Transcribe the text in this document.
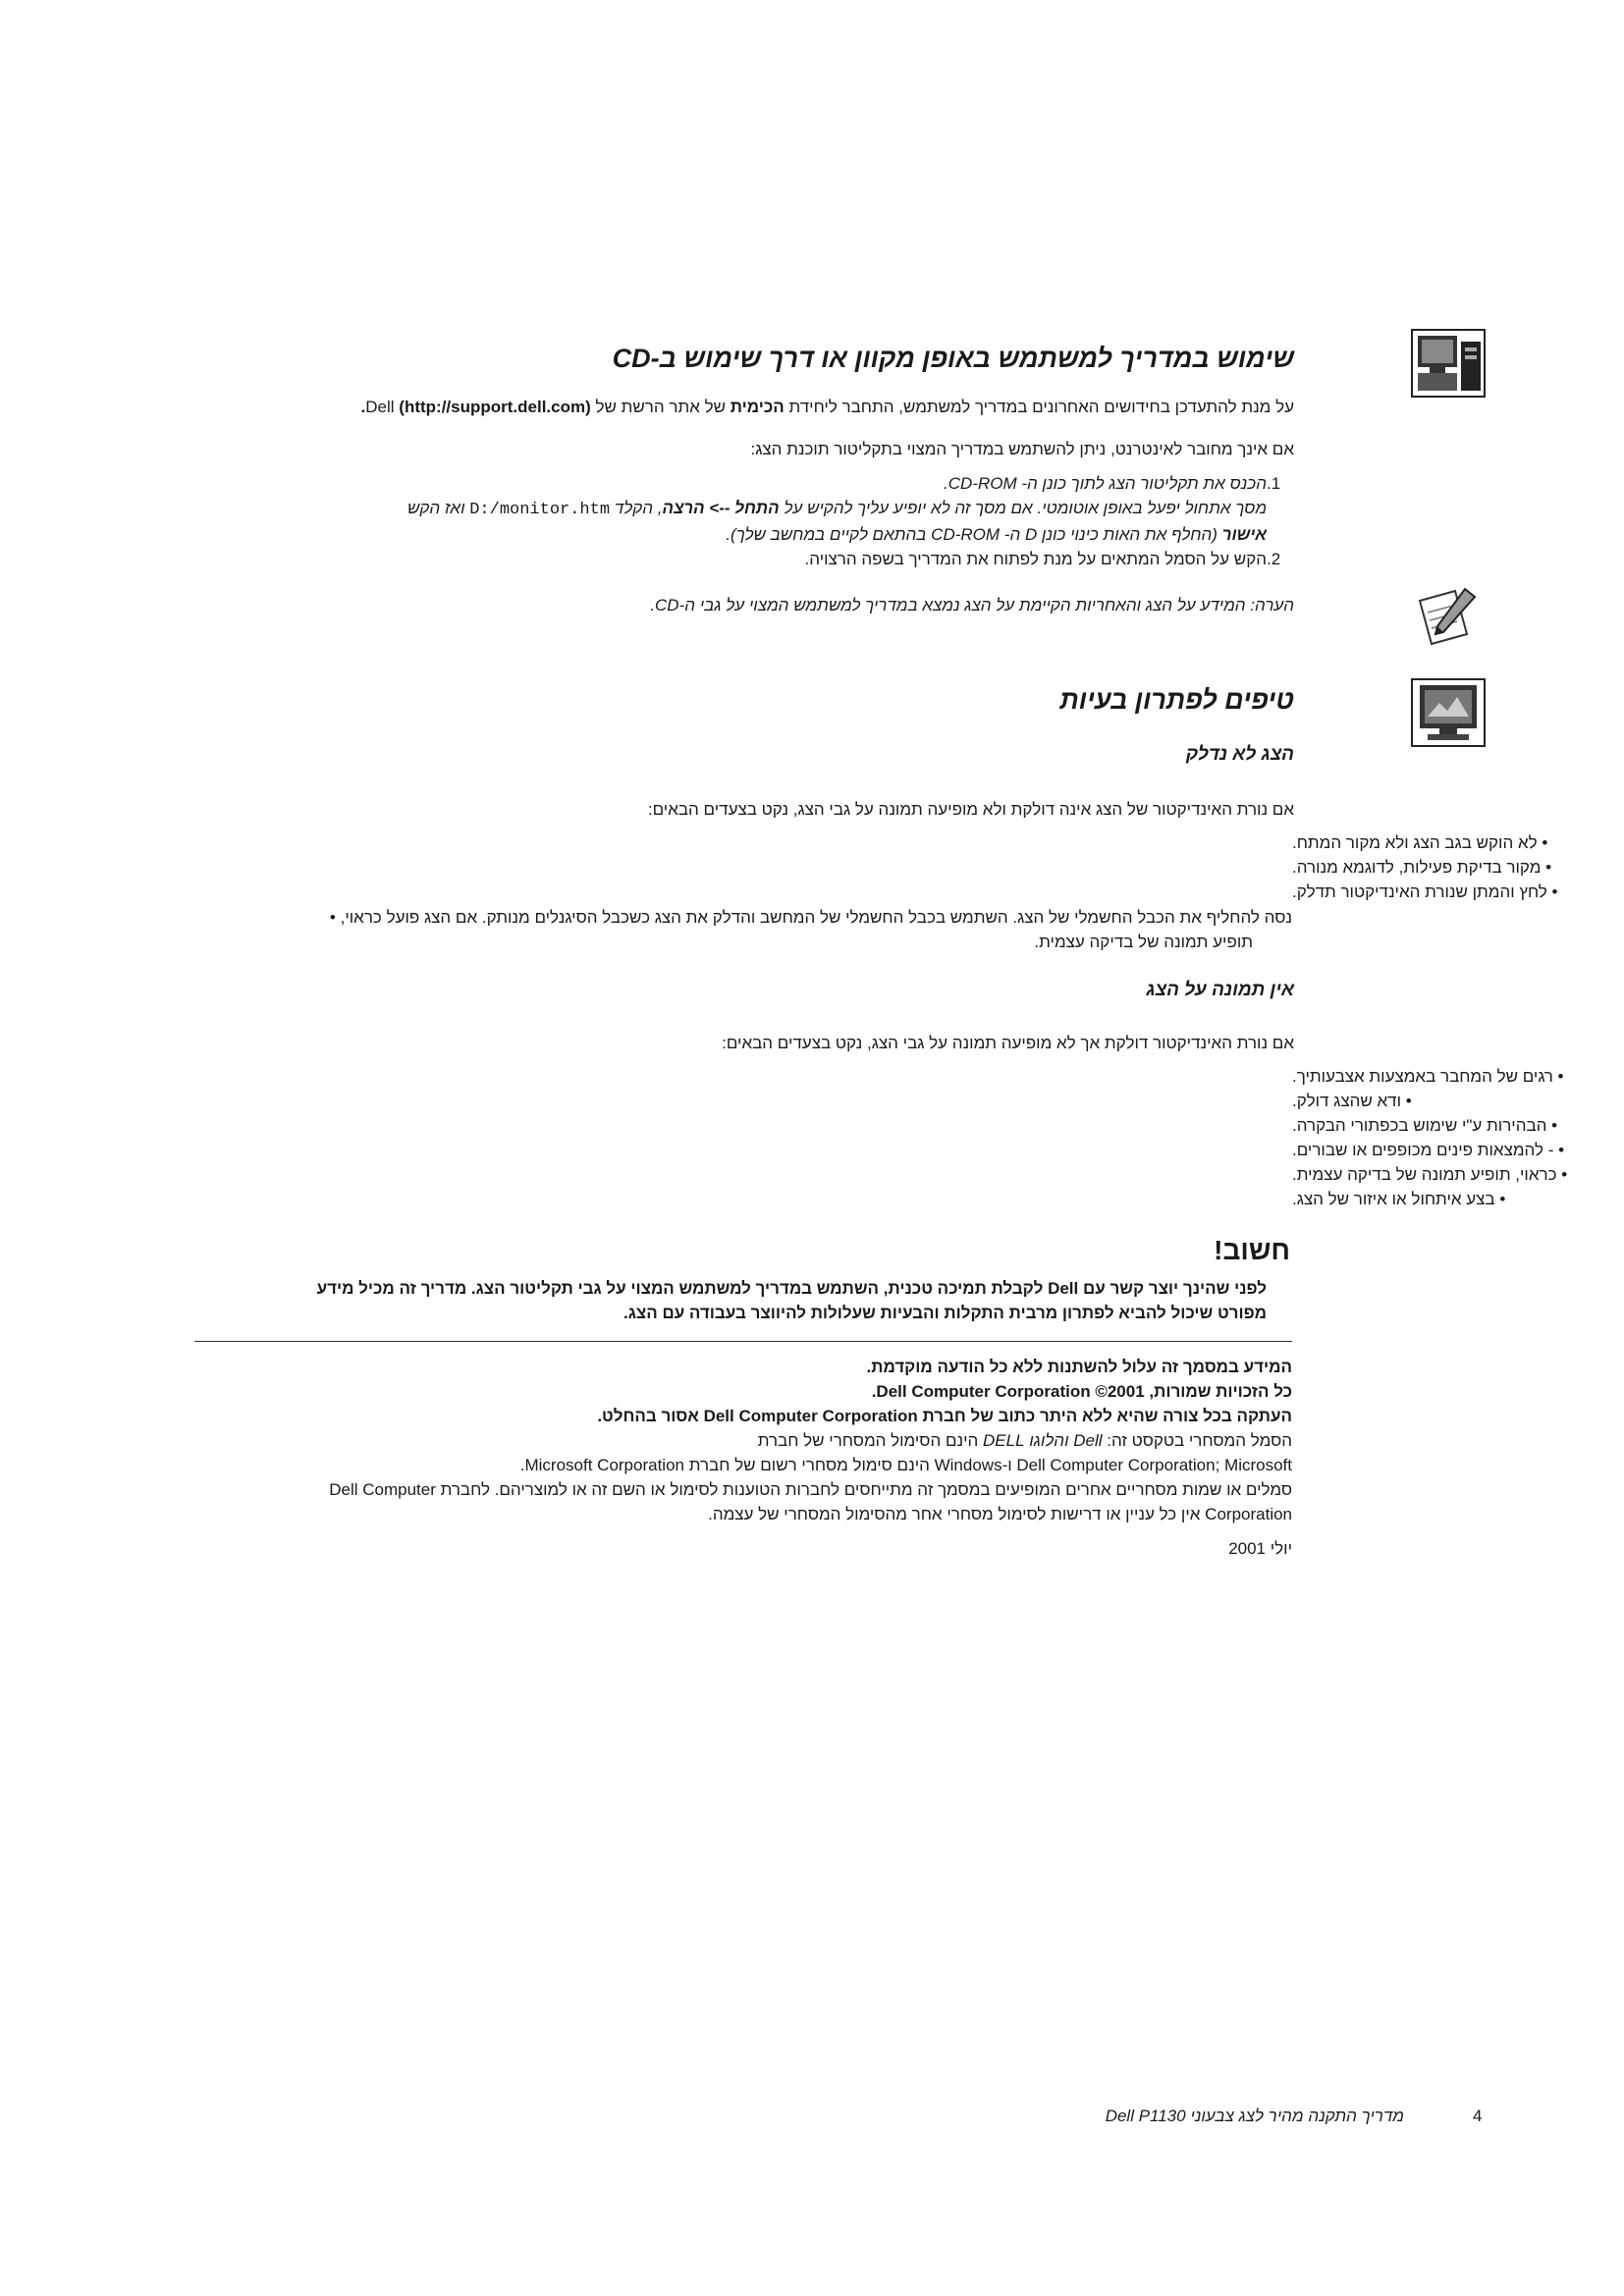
שימוש במדריך למשתמש באופן מקוון או דרך שימוש ב-CD
על מנת להתעדכן בחידושים האחרונים במדריך למשתמש, התחבר ליחידת הכימית של אתר הרשת של Dell (http://support.dell.com).
אם אינך מחובר לאינטרנט, ניתן להשתמש במדריך המצוי בתקליטור תוכנת הצג:
1.הכנס את תקליטור הצג לתוך כונן ה- CD-ROM.
מסך אתחול יפעל באופן אוטומטי. אם מסך זה לא יופיע עליך להקיש על התחל --> הרצה, הקלד D:/monitor.htm ואז הקש
אישור (החלף את האות כינוי כונן D ה- CD-ROM בהתאם לקיים במחשב שלך).
2.הקש על הסמל המתאים על מנת לפתוח את המדריך בשפה הרצויה.
הערה: המידע על הצג והאחריות הקיימת על הצג נמצא במדריך למשתמש המצוי על גבי ה-CD.
טיפים לפתרון בעיות
הצג לא נדלק
אם נורת האינדיקטור של הצג אינה דולקת ולא מופיעה תמונה על גבי הצג, נקט בצעדים הבאים:
• לא הוקש בגב הצג ולא מקור המתח.
• מקור בדיקת פעילות, לדוגמא מנורה.
• לחץ והמתן שנורת האינדיקטור תדלק.
נסה להחליף את הכבל החשמלי של הצג. השתמש בכבל החשמלי של המחשב והדלק את הצג כשכבל הסיגנלים מנותק. אם הצג פועל כראוי, •
תופיע תמונה של בדיקה עצמית.
אין תמונה על הצג
אם נורת האינדיקטור דולקת אך לא מופיעה תמונה על גבי הצג, נקט בצעדים הבאים:
• רגים של המחבר באמצעות אצבעותיך.
• ודא שהצג דולק.
• הבהירות ע"י שימוש בכפתורי הבקרה.
• - להמצאות פינים מכופפים או שבורים.
• כראוי, תופיע תמונה של בדיקה עצמית.
• בצע איתחול או איזור של הצג.
חשוב!
לפני שהינך יוצר קשר עם Dell לקבלת תמיכה טכנית, השתמש במדריך למשתמש המצוי על גבי תקליטור הצג. מדריך זה מכיל מידע
מפורט שיכול להביא לפתרון מרבית התקלות והבעיות שעלולות להיווצר בעבודה עם הצג.
המידע במסמך זה עלול להשתנות ללא כל הודעה מוקדמת.
כל הזכויות שמורות, Dell Computer Corporation ©2001.
העתקה בכל צורה שהיא ללא היתר כתוב של חברת Dell Computer Corporation אסור בהחלט.
הסמל המסחרי בטקסט זה: Dell והלוגו DELL הינם הסימול המסחרי של חברת
Dell Computer Corporation; Microsoft ו-Windows הינם סימול מסחרי רשום של חברת Microsoft Corporation.
סמלים או שמות מסחריים אחרים המופיעים במסמך זה מתייחסים לחברות הטוענות לסימול או השם זה או למוצריהם. לחברת Dell Computer
Corporation אין כל עניין או דרישות לסימול מסחרי אחר מהסימול המסחרי של עצמה.
יולי 2001
מדריך התקנה מהיר לצג צבעוני Dell P1130	4
